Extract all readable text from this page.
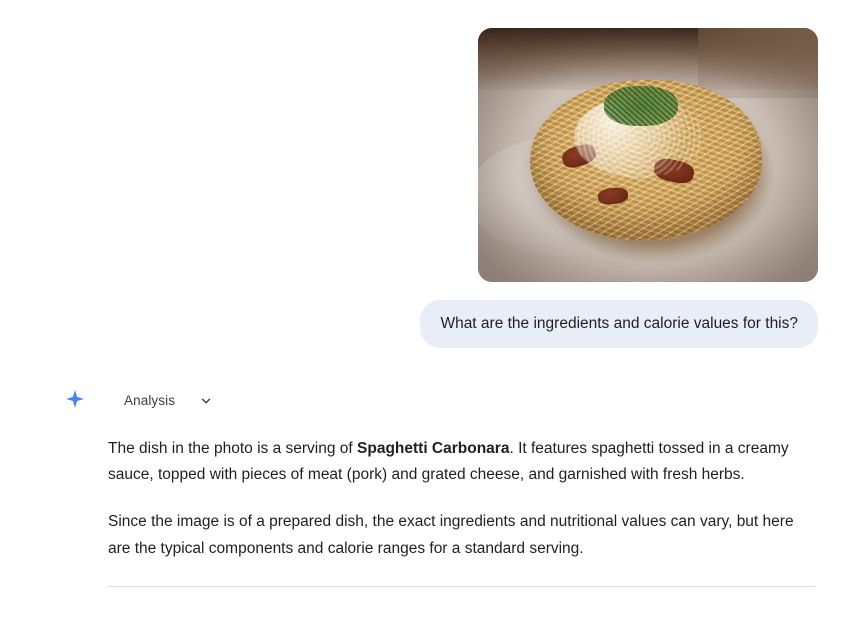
What are the ingredients and calorie values for this?
Analysis

The dish in the photo is a serving of Spaghetti Carbonara. It features spaghetti tossed in a creamy sauce, topped with pieces of meat (pork) and grated cheese, and garnished with fresh herbs.

Since the image is of a prepared dish, the exact ingredients and nutritional values can vary, but here are the typical components and calorie ranges for a standard serving.
